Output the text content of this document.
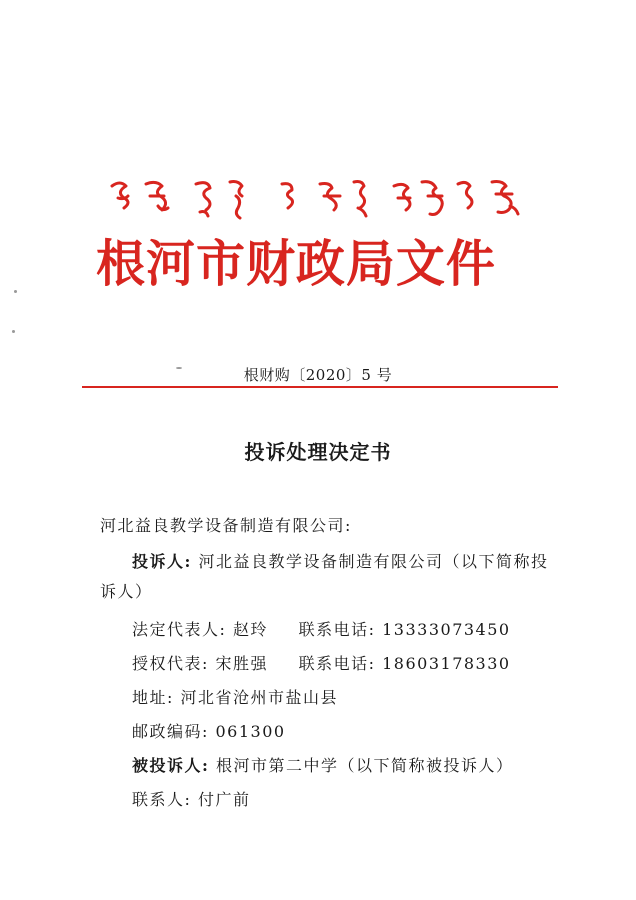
根河市财政局文件
根财购〔2020〕5 号
投诉处理决定书
河北益良教学设备制造有限公司:
投诉人: 河北益良教学设备制造有限公司（以下简称投
诉人）
法定代表人: 赵玲 联系电话: 13333073450
授权代表: 宋胜强 联系电话: 18603178330
地址: 河北省沧州市盐山县
邮政编码: 061300
被投诉人: 根河市第二中学（以下简称被投诉人）
联系人: 付广前
